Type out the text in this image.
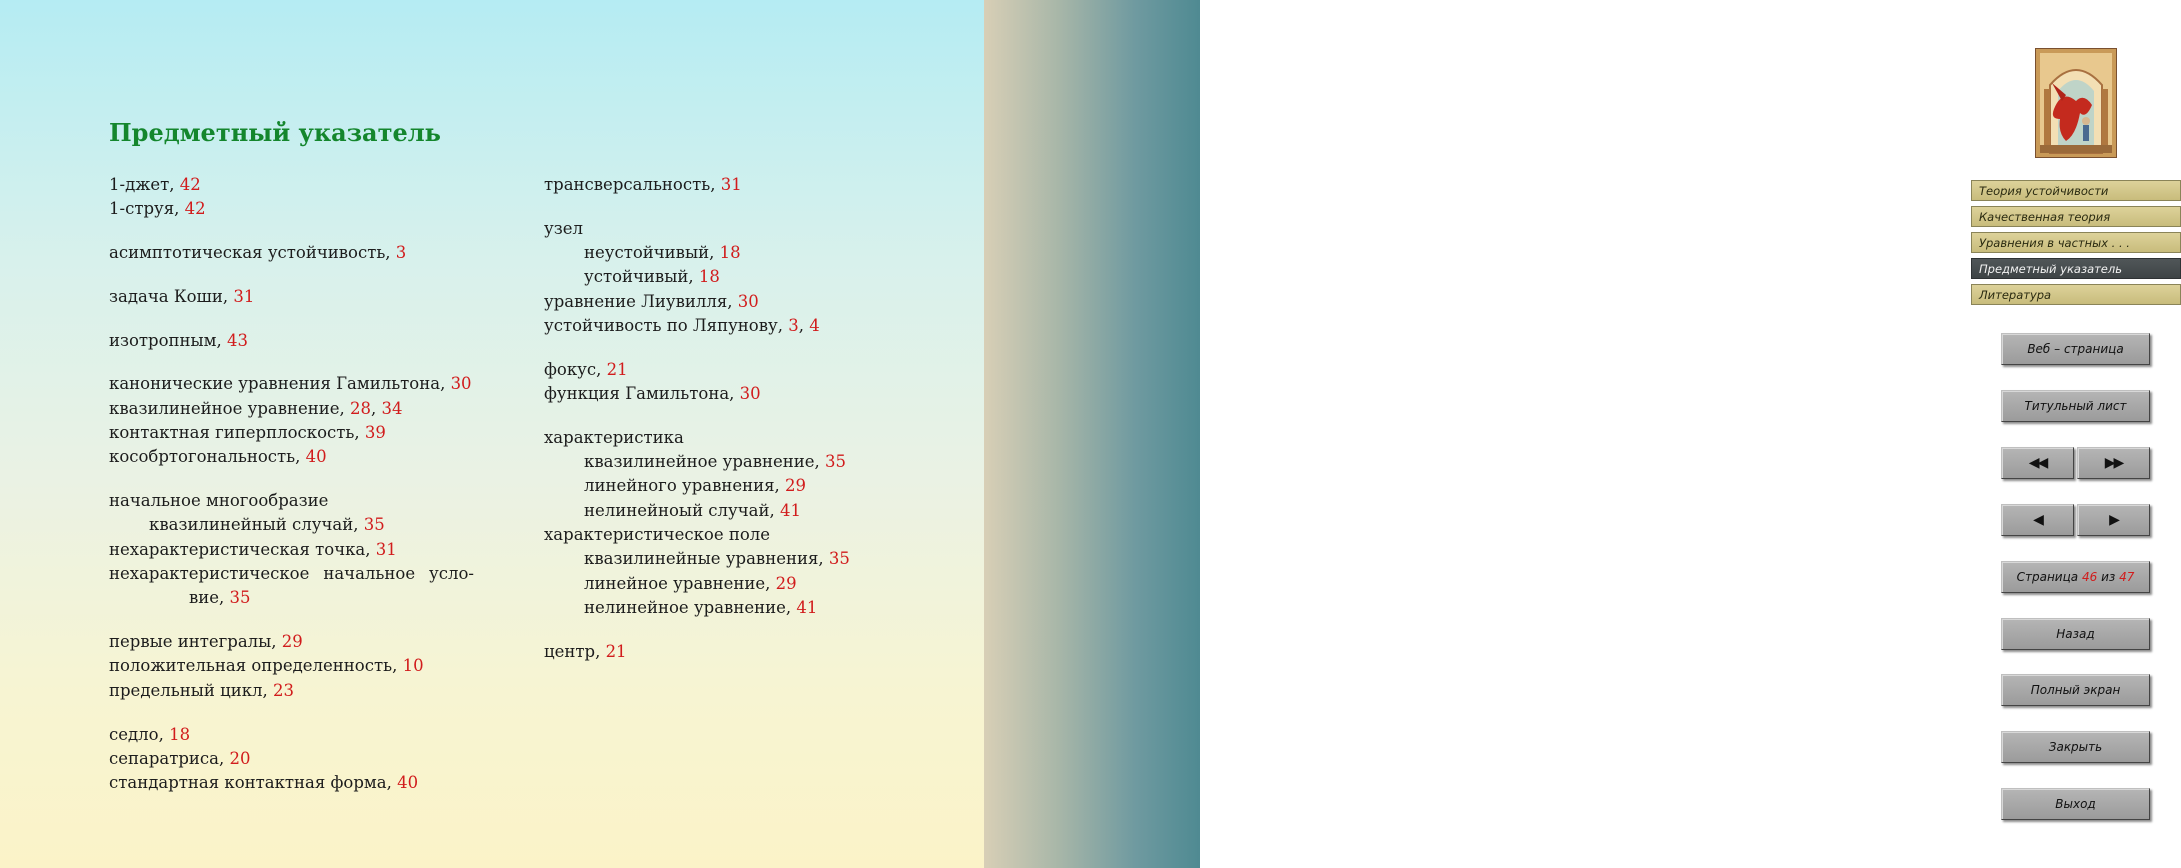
Предметный указатель
1-джет, 42
1-струя, 42
асимптотическая устойчивость, 3
задача Коши, 31
изотропным, 43
канонические уравнения Гамильтона, 30
квазилинейное уравнение, 28, 34
контактная гиперплоскость, 39
кособртогональность, 40
начальное многообразие
квазилинейный случай, 35
нехарактеристическая точка, 31
нехарактеристическое начальное усло-
вие, 35
первые интегралы, 29
положительная определенность, 10
предельный цикл, 23
седло, 18
сепаратриса, 20
стандартная контактная форма, 40
трансверсальность, 31
узел
неустойчивый, 18
устойчивый, 18
уравнение Лиувилля, 30
устойчивость по Ляпунову, 3, 4
фокус, 21
функция Гамильтона, 30
характеристика
квазилинейное уравнение, 35
линейного уравнения, 29
нелинейноый случай, 41
характеристическое поле
квазилинейные уравнения, 35
линейное уравнение, 29
нелинейное уравнение, 41
центр, 21
Теория устойчивости
Качественная теория
Уравнения в частных . . .
Предметный указатель
Литература
Веб – страница
Титульный лист
◀◀	▶▶
◀	▶
Страница
46
из
47
Назад
Полный экран
Закрыть
Выход
